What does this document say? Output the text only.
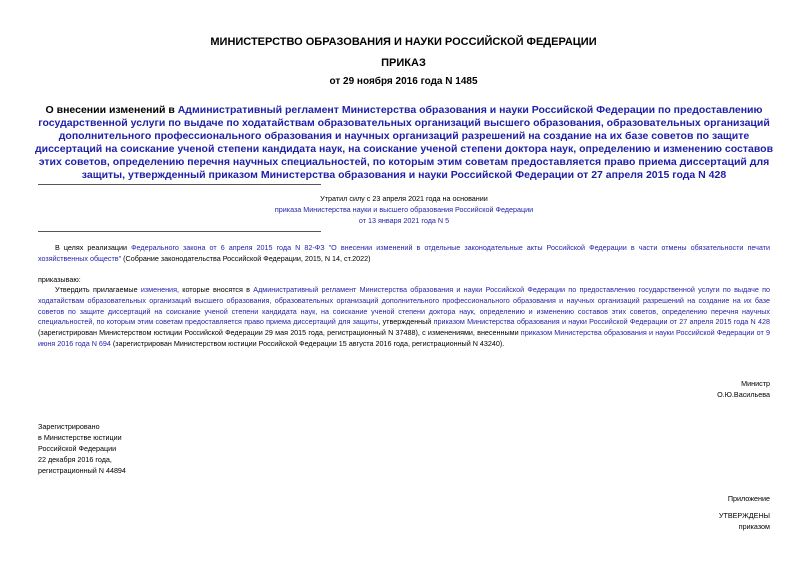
МИНИСТЕРСТВО ОБРАЗОВАНИЯ И НАУКИ РОССИЙСКОЙ ФЕДЕРАЦИИ
ПРИКАЗ
от 29 ноября 2016 года N 1485
О внесении изменений в Административный регламент Министерства образования и науки Российской Федерации по предоставлению государственной услуги по выдаче по ходатайствам образовательных организаций высшего образования, образовательных организаций дополнительного профессионального образования и научных организаций разрешений на создание на их базе советов по защите диссертаций на соискание ученой степени кандидата наук, на соискание ученой степени доктора наук, определению и изменению составов этих советов, определению перечня научных специальностей, по которым этим советам предоставляется право приема диссертаций для защиты, утвержденный приказом Министерства образования и науки Российской Федерации от 27 апреля 2015 года N 428
Утратил силу с 23 апреля 2021 года на основании
приказа Министерства науки и высшего образования Российской Федерации
от 13 января 2021 года N 5
В целях реализации Федерального закона от 6 апреля 2015 года N 82-ФЗ "О внесении изменений в отдельные законодательные акты Российской Федерации в части отмены обязательности печати хозяйственных обществ" (Собрание законодательства Российской Федерации, 2015, N 14, ст.2022)
приказываю:
Утвердить прилагаемые изменения, которые вносятся в Административный регламент Министерства образования и науки Российской Федерации по предоставлению государственной услуги по выдаче по ходатайствам образовательных организаций высшего образования, образовательных организаций дополнительного профессионального образования и научных организаций разрешений на создание на их базе советов по защите диссертаций на соискание ученой степени кандидата наук, на соискание ученой степени доктора наук, определению и изменению составов этих советов, определению перечня научных специальностей, по которым этим советам предоставляется право приема диссертаций для защиты, утвержденный приказом Министерства образования и науки Российской Федерации от 27 апреля 2015 года N 428 (зарегистрирован Министерством юстиции Российской Федерации 29 мая 2015 года, регистрационный N 37488), с изменениями, внесенными приказом Министерства образования и науки Российской Федерации от 9 июня 2016 года N 694 (зарегистрирован Министерством юстиции Российской Федерации 15 августа 2016 года, регистрационный N 43240).
Министр
О.Ю.Васильева
Зарегистрировано
в Министерстве юстиции
Российской Федерации
22 декабря 2016 года,
регистрационный N 44894
Приложение
УТВЕРЖДЕНЫ
приказом
